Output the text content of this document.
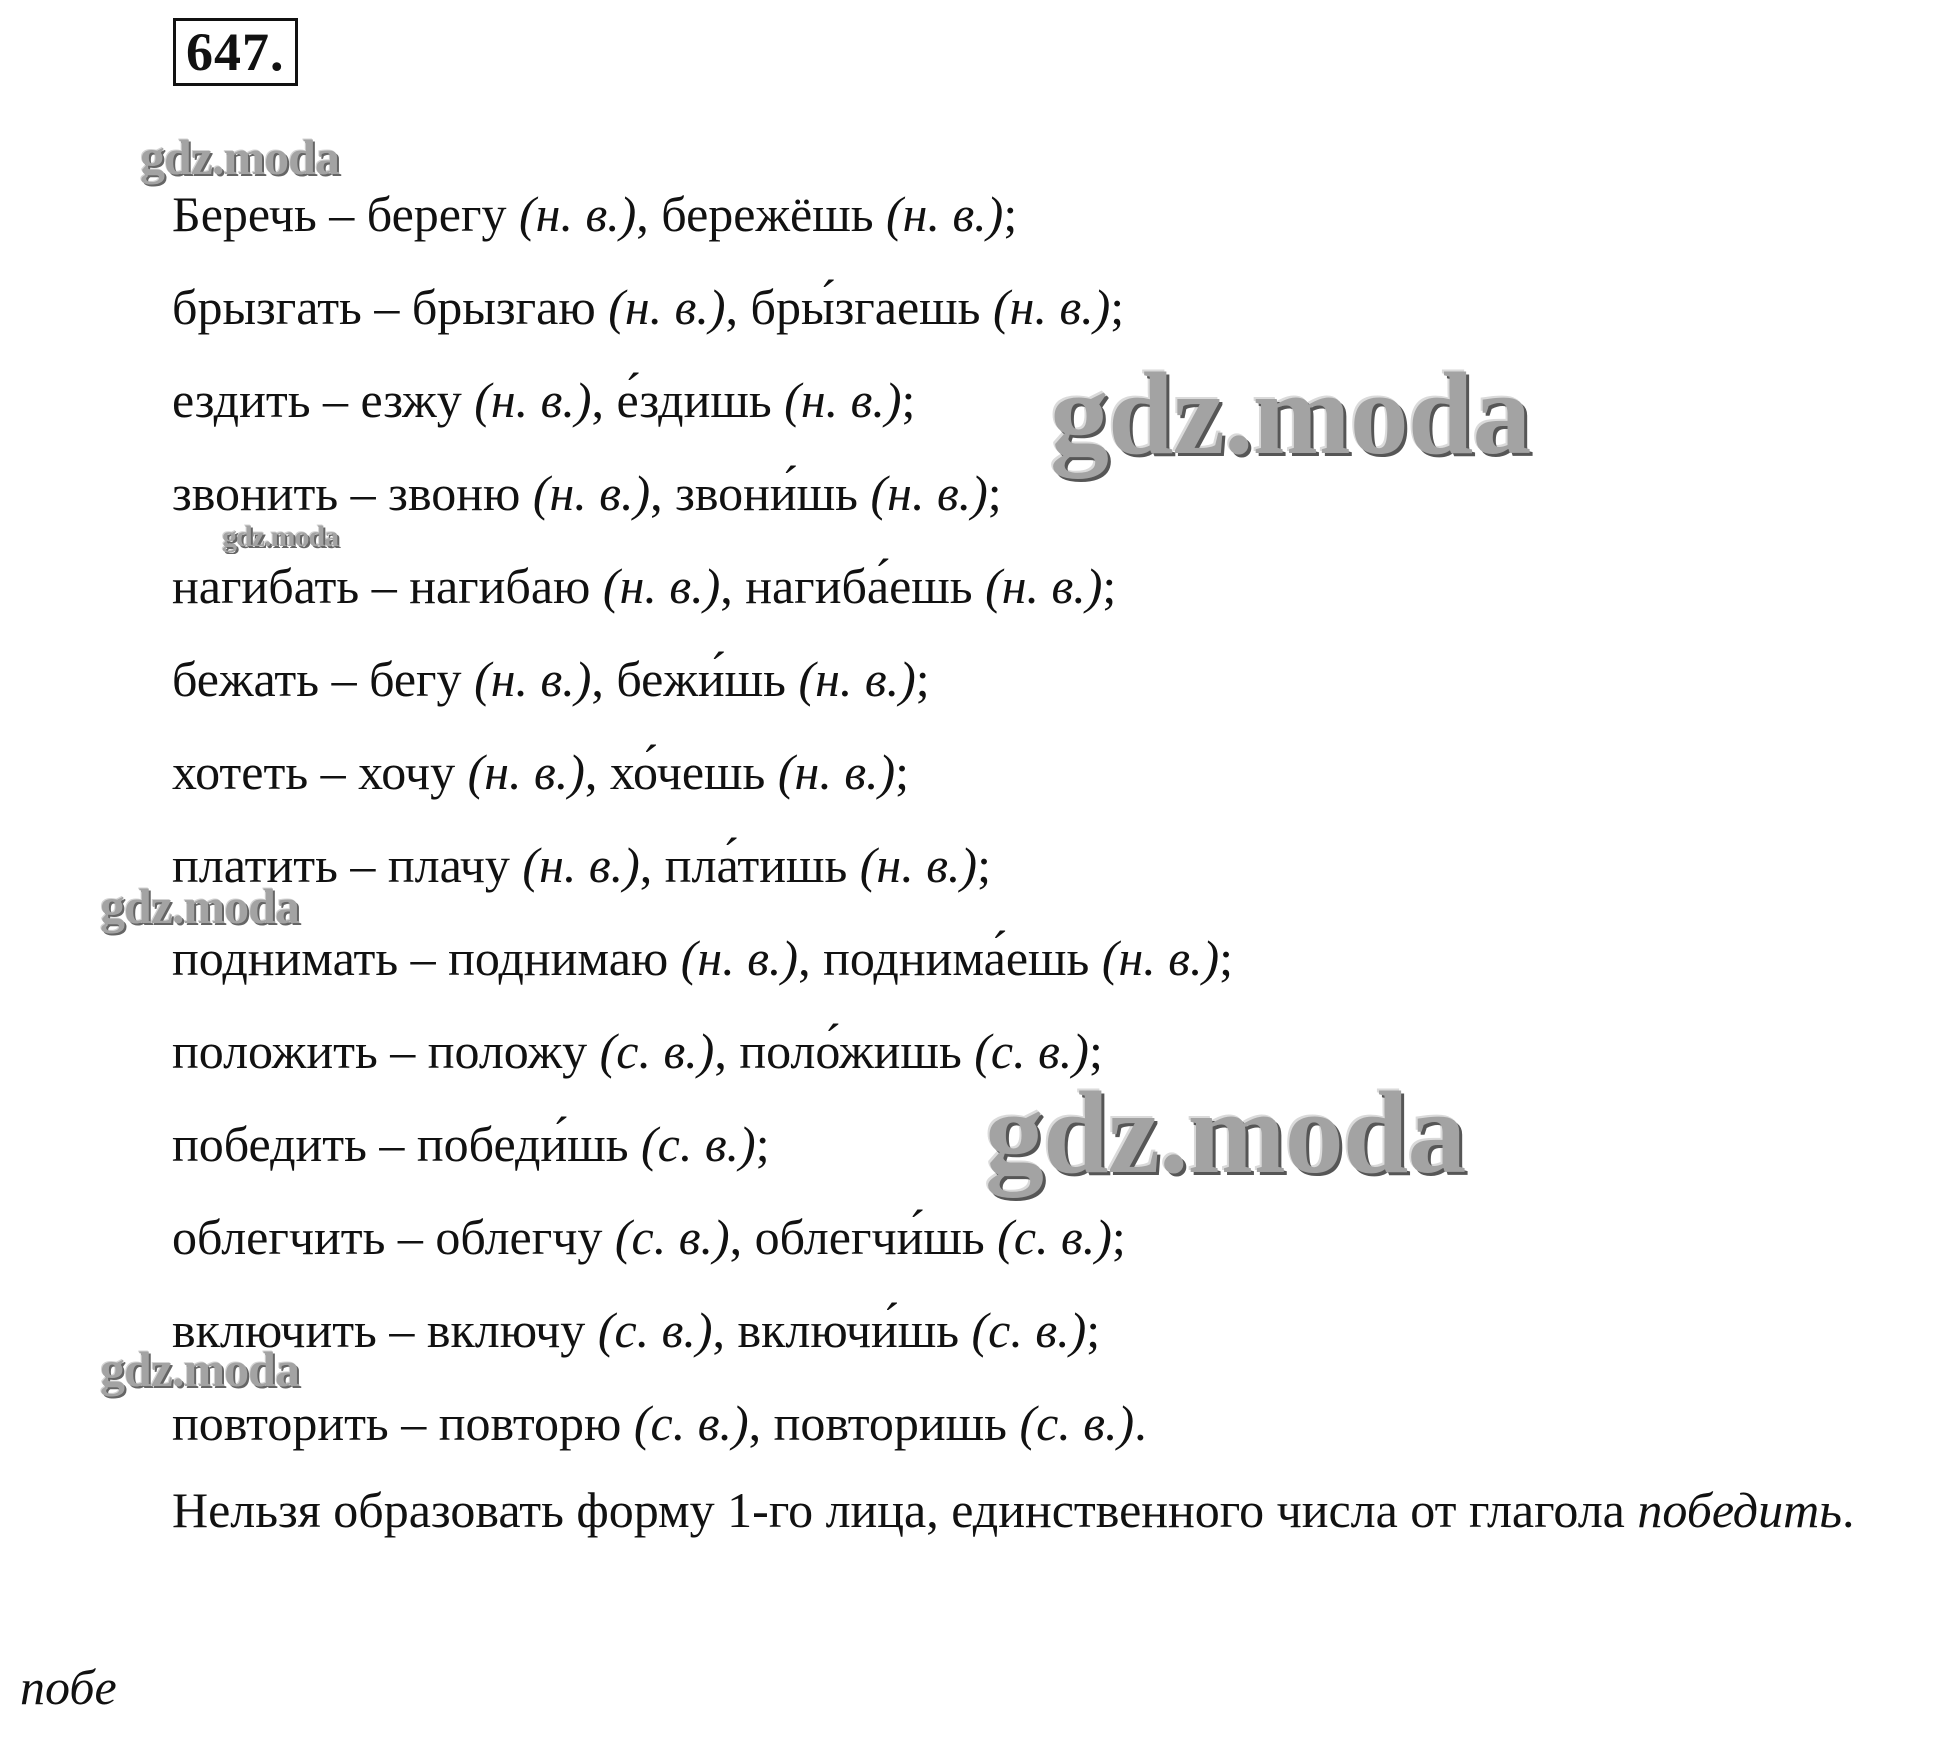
647.
Беречь – берегу (н. в.), бережёшь (н. в.);
брызгать – брызгаю (н. в.), бры́згаешь (н. в.);
ездить – езжу (н. в.), е́здишь (н. в.);
звонить – звоню (н. в.), звони́шь (н. в.);
нагибать – нагибаю (н. в.), нагиба́ешь (н. в.);
бежать – бегу (н. в.), бежи́шь (н. в.);
хотеть – хочу (н. в.), хо́чешь (н. в.);
платить – плачу (н. в.), пла́тишь (н. в.);
поднимать – поднимаю (н. в.), поднима́ешь (н. в.);
положить – положу (с. в.), поло́жишь (с. в.);
победить – победи́шь (с. в.);
облегчить – облегчу (с. в.), облегчи́шь (с. в.);
включить – включу (с. в.), включи́шь (с. в.);
повторить – повторю (с. в.), повторишь (с. в.).
Нельзя образовать форму 1-го лица, единственного числа от глагола победить.
побе
gdz.moda
gdz.moda
gdz.moda
gdz.moda
gdz.moda
gdz.moda
